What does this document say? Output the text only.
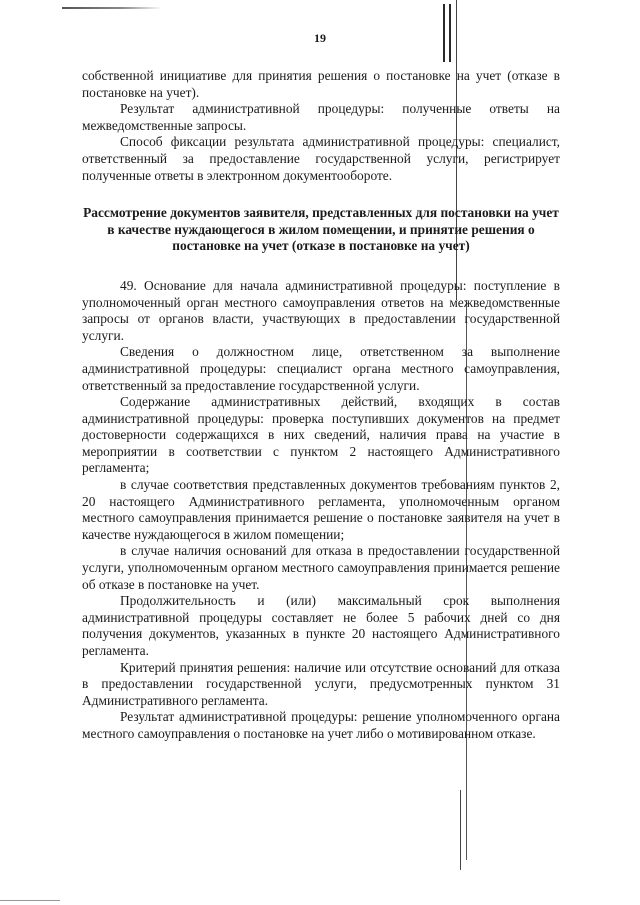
19

собственной инициативе для принятия решения о постановке на учет (отказе в постановке на учет).

Результат административной процедуры: полученные ответы на межведомственные запросы.

Способ фиксации результата административной процедуры: специалист, ответственный за предоставление государственной услуги, регистрирует полученные ответы в электронном документообороте.

Рассмотрение документов заявителя, представленных для постановки на учет в качестве нуждающегося в жилом помещении, и принятие решения о постановке на учет (отказе в постановке на учет)

49. Основание для начала административной процедуры: поступление в уполномоченный орган местного самоуправления ответов на межведомственные запросы от органов власти, участвующих в предоставлении государственной услуги.

Сведения о должностном лице, ответственном за выполнение административной процедуры: специалист органа местного самоуправления, ответственный за предоставление государственной услуги.

Содержание административных действий, входящих в состав административной процедуры: проверка поступивших документов на предмет достоверности содержащихся в них сведений, наличия права на участие в мероприятии в соответствии с пунктом 2 настоящего Административного регламента;

в случае соответствия представленных документов требованиям пунктов 2, 20 настоящего Административного регламента, уполномоченным органом местного самоуправления принимается решение о постановке заявителя на учет в качестве нуждающегося в жилом помещении;

в случае наличия оснований для отказа в предоставлении государственной услуги, уполномоченным органом местного самоуправления принимается решение об отказе в постановке на учет.

Продолжительность и (или) максимальный срок выполнения административной процедуры составляет не более 5 рабочих дней со дня получения документов, указанных в пункте 20 настоящего Административного регламента.

Критерий принятия решения: наличие или отсутствие оснований для отказа в предоставлении государственной услуги, предусмотренных пунктом 31 Административного регламента.

Результат административной процедуры: решение уполномоченного органа местного самоуправления о постановке на учет либо о мотивированном отказе.
